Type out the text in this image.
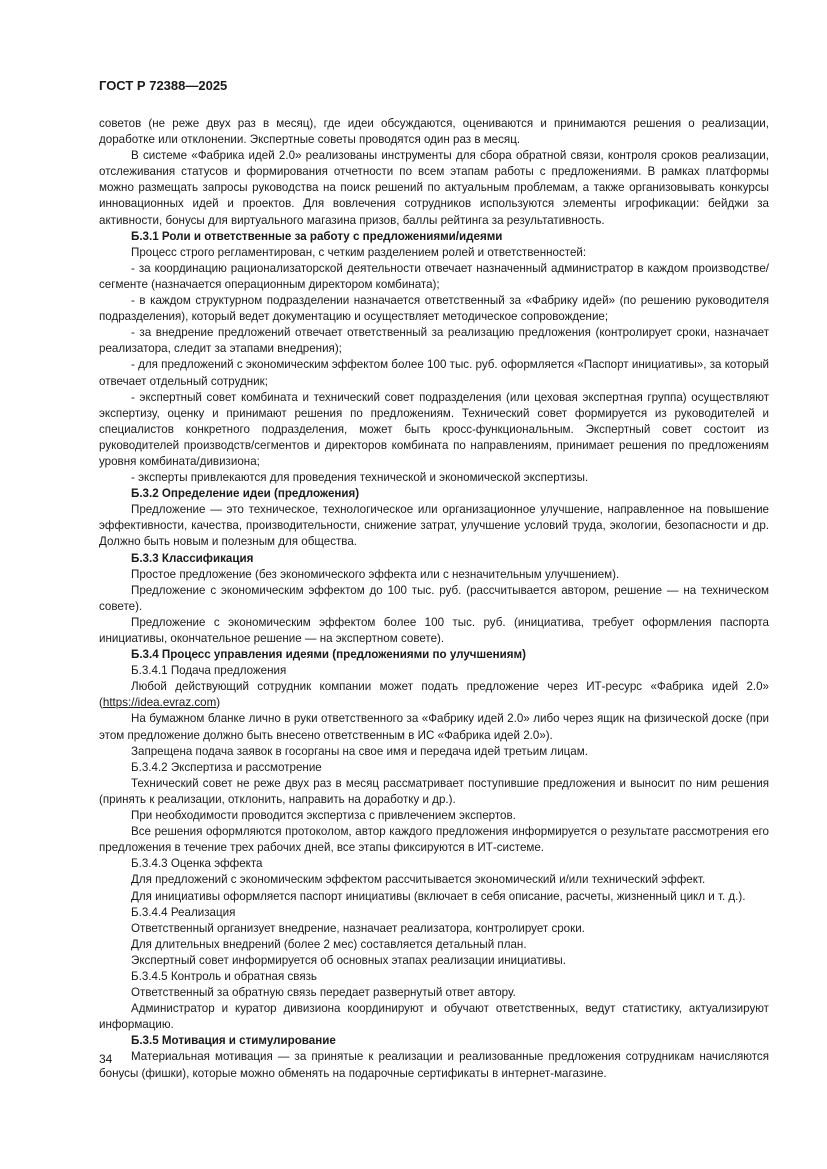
ГОСТ Р 72388—2025

советов (не реже двух раз в месяц), где идеи обсуждаются, оцениваются и принимаются решения о реализации, доработке или отклонении. Экспертные советы проводятся один раз в месяц.

В системе «Фабрика идей 2.0» реализованы инструменты для сбора обратной связи, контроля сроков реализации, отслеживания статусов и формирования отчетности по всем этапам работы с предложениями. В рамках платформы можно размещать запросы руководства на поиск решений по актуальным проблемам, а также организовывать конкурсы инновационных идей и проектов. Для вовлечения сотрудников используются элементы игрофикации: бейджи за активности, бонусы для виртуального магазина призов, баллы рейтинга за результативность.

Б.3.1 Роли и ответственные за работу с предложениями/идеями

Процесс строго регламентирован, с четким разделением ролей и ответственностей:

- за координацию рационализаторской деятельности отвечает назначенный администратор в каждом производстве/сегменте (назначается операционным директором комбината);

- в каждом структурном подразделении назначается ответственный за «Фабрику идей» (по решению руководителя подразделения), который ведет документацию и осуществляет методическое сопровождение;

- за внедрение предложений отвечает ответственный за реализацию предложения (контролирует сроки, назначает реализатора, следит за этапами внедрения);

- для предложений с экономическим эффектом более 100 тыс. руб. оформляется «Паспорт инициативы», за который отвечает отдельный сотрудник;

- экспертный совет комбината и технический совет подразделения (или цеховая экспертная группа) осуществляют экспертизу, оценку и принимают решения по предложениям. Технический совет формируется из руководителей и специалистов конкретного подразделения, может быть кросс-функциональным. Экспертный совет состоит из руководителей производств/сегментов и директоров комбината по направлениям, принимает решения по предложениям уровня комбината/дивизиона;

- эксперты привлекаются для проведения технической и экономической экспертизы.

Б.3.2 Определение идеи (предложения)

Предложение — это техническое, технологическое или организационное улучшение, направленное на повышение эффективности, качества, производительности, снижение затрат, улучшение условий труда, экологии, безопасности и др. Должно быть новым и полезным для общества.

Б.3.3 Классификация

Простое предложение (без экономического эффекта или с незначительным улучшением).

Предложение с экономическим эффектом до 100 тыс. руб. (рассчитывается автором, решение — на техническом совете).

Предложение с экономическим эффектом более 100 тыс. руб. (инициатива, требует оформления паспорта инициативы, окончательное решение — на экспертном совете).

Б.3.4 Процесс управления идеями (предложениями по улучшениям)

Б.3.4.1 Подача предложения

Любой действующий сотрудник компании может подать предложение через ИТ-ресурс «Фабрика идей 2.0» (https://idea.evraz.com)

На бумажном бланке лично в руки ответственного за «Фабрику идей 2.0» либо через ящик на физической доске (при этом предложение должно быть внесено ответственным в ИС «Фабрика идей 2.0»).

Запрещена подача заявок в госорганы на свое имя и передача идей третьим лицам.

Б.3.4.2 Экспертиза и рассмотрение

Технический совет не реже двух раз в месяц рассматривает поступившие предложения и выносит по ним решения (принять к реализации, отклонить, направить на доработку и др.).

При необходимости проводится экспертиза с привлечением экспертов.

Все решения оформляются протоколом, автор каждого предложения информируется о результате рассмотрения его предложения в течение трех рабочих дней, все этапы фиксируются в ИТ-системе.

Б.3.4.3 Оценка эффекта

Для предложений с экономическим эффектом рассчитывается экономический и/или технический эффект.

Для инициативы оформляется паспорт инициативы (включает в себя описание, расчеты, жизненный цикл и т. д.).

Б.3.4.4 Реализация

Ответственный организует внедрение, назначает реализатора, контролирует сроки.

Для длительных внедрений (более 2 мес) составляется детальный план.

Экспертный совет информируется об основных этапах реализации инициативы.

Б.3.4.5 Контроль и обратная связь

Ответственный за обратную связь передает развернутый ответ автору.

Администратор и куратор дивизиона координируют и обучают ответственных, ведут статистику, актуализируют информацию.

Б.3.5 Мотивация и стимулирование

Материальная мотивация — за принятые к реализации и реализованные предложения сотрудникам начисляются бонусы (фишки), которые можно обменять на подарочные сертификаты в интернет-магазине.

34
